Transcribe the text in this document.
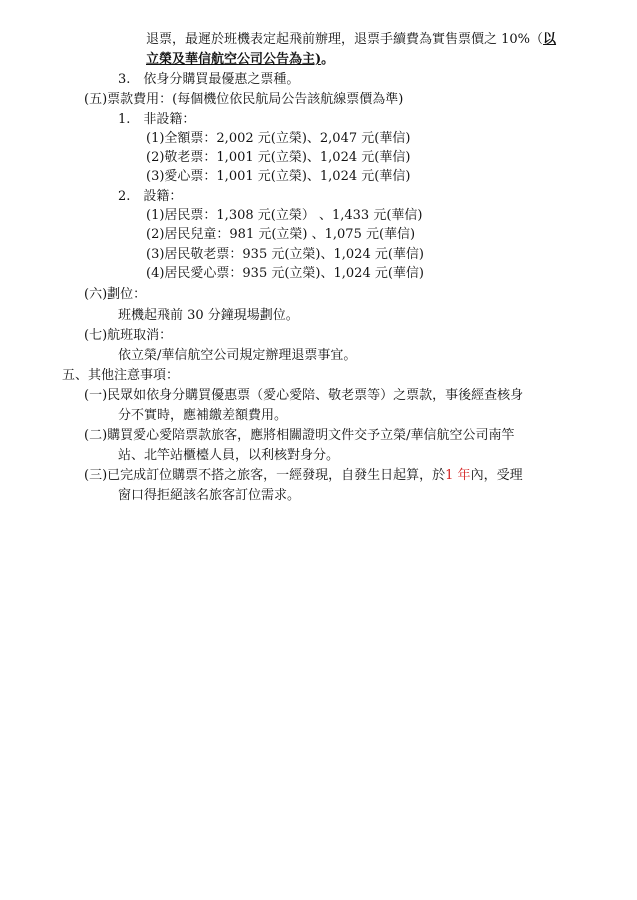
退票，最遲於班機表定起飛前辦理，退票手續費為實售票價之 10%（以
立榮及華信航空公司公告為主)。
3.　依身分購買最優惠之票種。
(五)票款費用：(每個機位依民航局公告該航線票價為準)
1.　非設籍：
(1)全額票：2,002 元(立榮)、2,047 元(華信)
(2)敬老票：1,001 元(立榮)、1,024 元(華信)
(3)愛心票：1,001 元(立榮)、1,024 元(華信)
2.　設籍：
(1)居民票：1,308 元(立榮） 、1,433 元(華信)
(2)居民兒童：981 元(立榮) 、1,075 元(華信)
(3)居民敬老票：935 元(立榮)、1,024 元(華信)
(4)居民愛心票：935 元(立榮)、1,024 元(華信)
(六)劃位：
班機起飛前 30 分鐘現場劃位。
(七)航班取消：
依立榮/華信航空公司規定辦理退票事宜。
五、其他注意事項：
(一)民眾如依身分購買優惠票（愛心愛陪、敬老票等）之票款，事後經查核身
分不實時，應補繳差額費用。
(二)購買愛心愛陪票款旅客，應將相關證明文件交予立榮/華信航空公司南竿
站、北竿站櫃檯人員，以利核對身分。
(三)已完成訂位購票不搭之旅客，一經發現，自發生日起算，於1 年內，受理
窗口得拒絕該名旅客訂位需求。
